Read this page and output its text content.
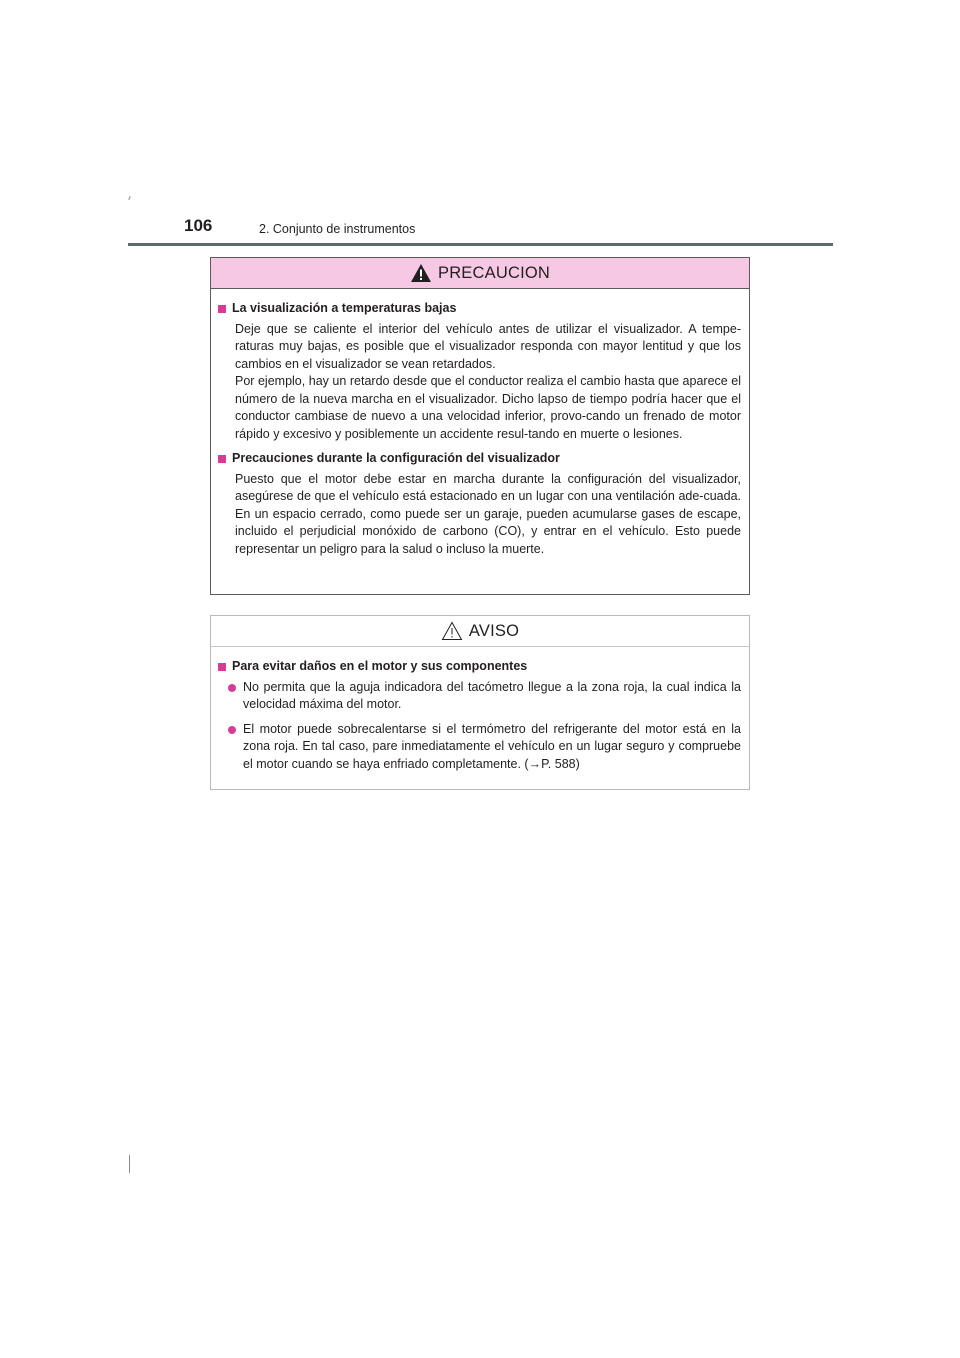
106	2. Conjunto de instrumentos
PRECAUCION
La visualización a temperaturas bajas

Deje que se caliente el interior del vehículo antes de utilizar el visualizador. A tempe-raturas muy bajas, es posible que el visualizador responda con mayor lentitud y que los cambios en el visualizador se vean retardados.

Por ejemplo, hay un retardo desde que el conductor realiza el cambio hasta que aparece el número de la nueva marcha en el visualizador. Dicho lapso de tiempo podría hacer que el conductor cambiase de nuevo a una velocidad inferior, provo-cando un frenado de motor rápido y excesivo y posiblemente un accidente resul-tando en muerte o lesiones.

Precauciones durante la configuración del visualizador

Puesto que el motor debe estar en marcha durante la configuración del visualizador, asegúrese de que el vehículo está estacionado en un lugar con una ventilación ade-cuada. En un espacio cerrado, como puede ser un garaje, pueden acumularse gases de escape, incluido el perjudicial monóxido de carbono (CO), y entrar en el vehículo. Esto puede representar un peligro para la salud o incluso la muerte.

AVISO
Para evitar daños en el motor y sus componentes
No permita que la aguja indicadora del tacómetro llegue a la zona roja, la cual indica la velocidad máxima del motor.
El motor puede sobrecalentarse si el termómetro del refrigerante del motor está en la zona roja. En tal caso, pare inmediatamente el vehículo en un lugar seguro y compruebe el motor cuando se haya enfriado completamente. (→P. 588)
